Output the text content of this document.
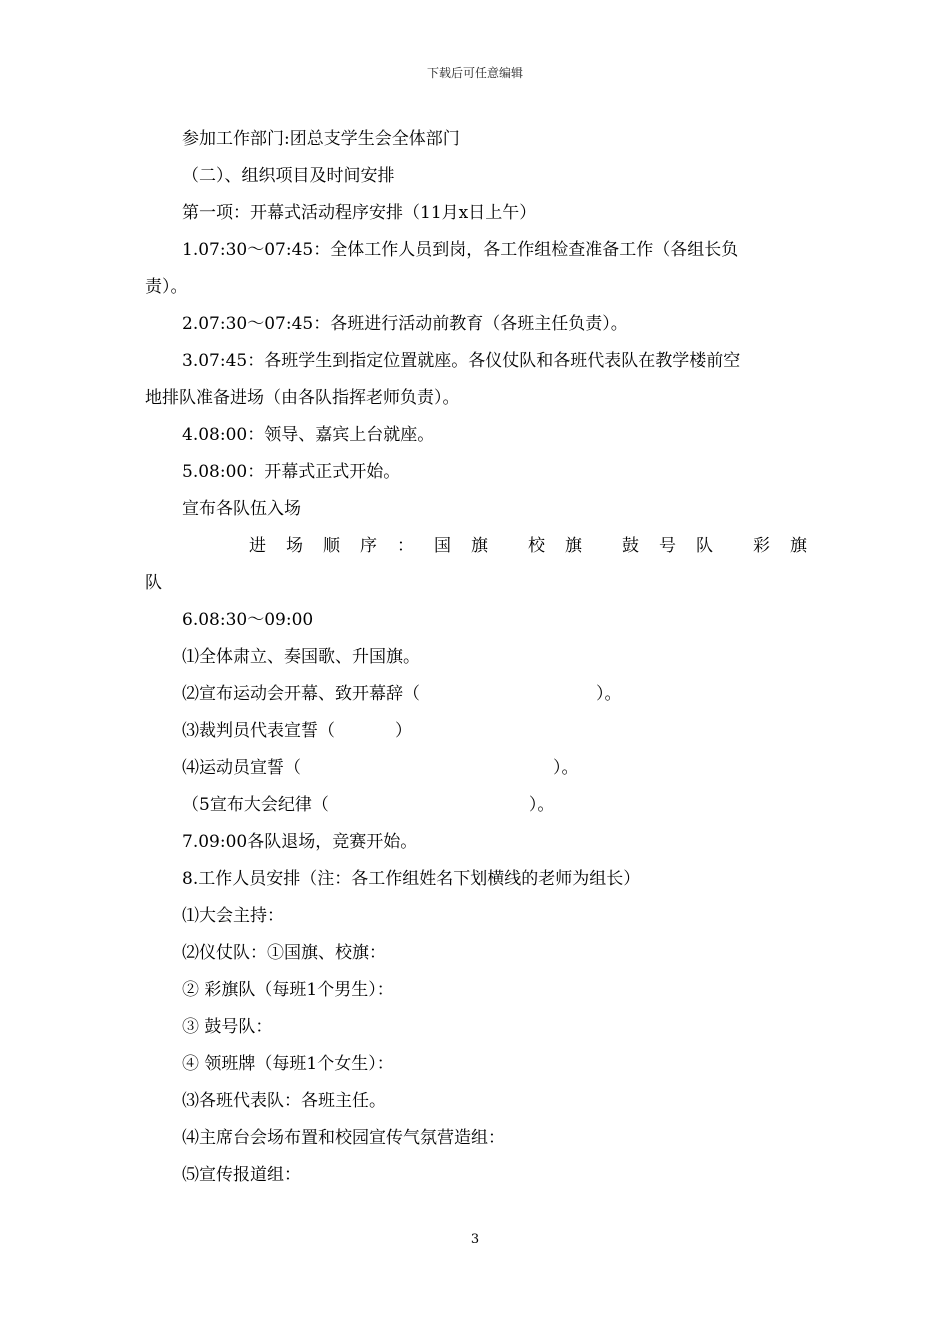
下载后可任意编辑
参加工作部门:团总支学生会全体部门
（二）、组织项目及时间安排
第一项：开幕式活动程序安排（11月x日上午）
1.07:30～07:45：全体工作人员到岗，各工作组检查准备工作（各组长负
责）。
2.07:30～07:45：各班进行活动前教育（各班主任负责）。
3.07:45：各班学生到指定位置就座。各仪仗队和各班代表队在教学楼前空
地排队准备进场（由各队指挥老师负责）。
4.08:00：领导、嘉宾上台就座。
5.08:00：开幕式正式开始。
宣布各队伍入场
进 场 顺 序 ： 国 旗 校 旗 鼓 号 队 彩 旗
队
6.08:30～09:00
⑴全体肃立、奏国歌、升国旗。
⑵宣布运动会开幕、致开幕辞（	）。
⑶裁判员代表宣誓（	）
⑷运动员宣誓（	）。
（5宣布大会纪律（	）。
7.09:00各队退场，竞赛开始。
8.工作人员安排（注：各工作组姓名下划横线的老师为组长）
⑴大会主持：
⑵仪仗队：①国旗、校旗：
② 彩旗队（每班1个男生）：
③ 鼓号队：
④ 领班牌（每班1个女生）：
⑶各班代表队：各班主任。
⑷主席台会场布置和校园宣传气氛营造组：
⑸宣传报道组：
3
